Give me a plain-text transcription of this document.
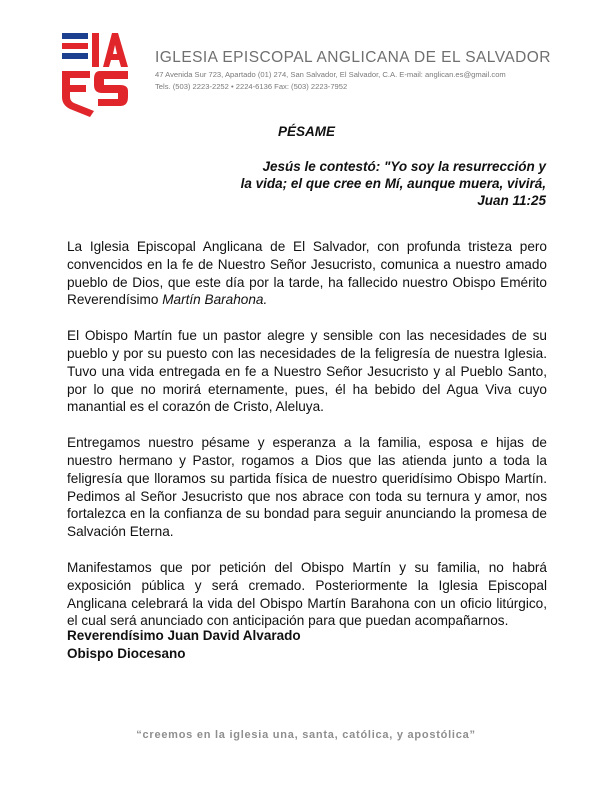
IGLESIA EPISCOPAL ANGLICANA DE EL SALVADOR
47 Avenida Sur 723, Apartado (01) 274, San Salvador, El Salvador, C.A. E-mail: anglican.es@gmail.com
Tels. (503) 2223-2252 • 2224-6136 Fax: (503) 2223-7952
PÉSAME
Jesús le contestó: "Yo soy la resurrección y
la vida; el que cree en Mí, aunque muera, vivirá,
Juan 11:25

La Iglesia Episcopal Anglicana de El Salvador, con profunda tristeza pero convencidos en la fe de Nuestro Señor Jesucristo, comunica a nuestro amado pueblo de Dios, que este día por la tarde, ha fallecido nuestro Obispo Emérito Reverendísimo Martín Barahona.

El Obispo Martín fue un pastor alegre y sensible con las necesidades de su pueblo y por su puesto con las necesidades de la feligresía de nuestra Iglesia. Tuvo una vida entregada en fe a Nuestro Señor Jesucristo y al Pueblo Santo, por lo que no morirá eternamente, pues, él ha bebido del Agua Viva cuyo manantial es el corazón de Cristo, Aleluya.

Entregamos nuestro pésame y esperanza a la familia, esposa e hijas de nuestro hermano y Pastor, rogamos a Dios que las atienda junto a toda la feligresía que lloramos su partida física de nuestro queridísimo Obispo Martín. Pedimos al Señor Jesucristo que nos abrace con toda su ternura y amor, nos fortalezca en la confianza de su bondad para seguir anunciando la promesa de Salvación Eterna.

Manifestamos que por petición del Obispo Martín y su familia, no habrá exposición pública y será cremado. Posteriormente la Iglesia Episcopal Anglicana celebrará la vida del Obispo Martín Barahona con un oficio litúrgico, el cual será anunciado con anticipación para que puedan acompañarnos.

Reverendísimo Juan David Alvarado
Obispo Diocesano
“creemos en la iglesia una, santa, católica, y apostólica”
